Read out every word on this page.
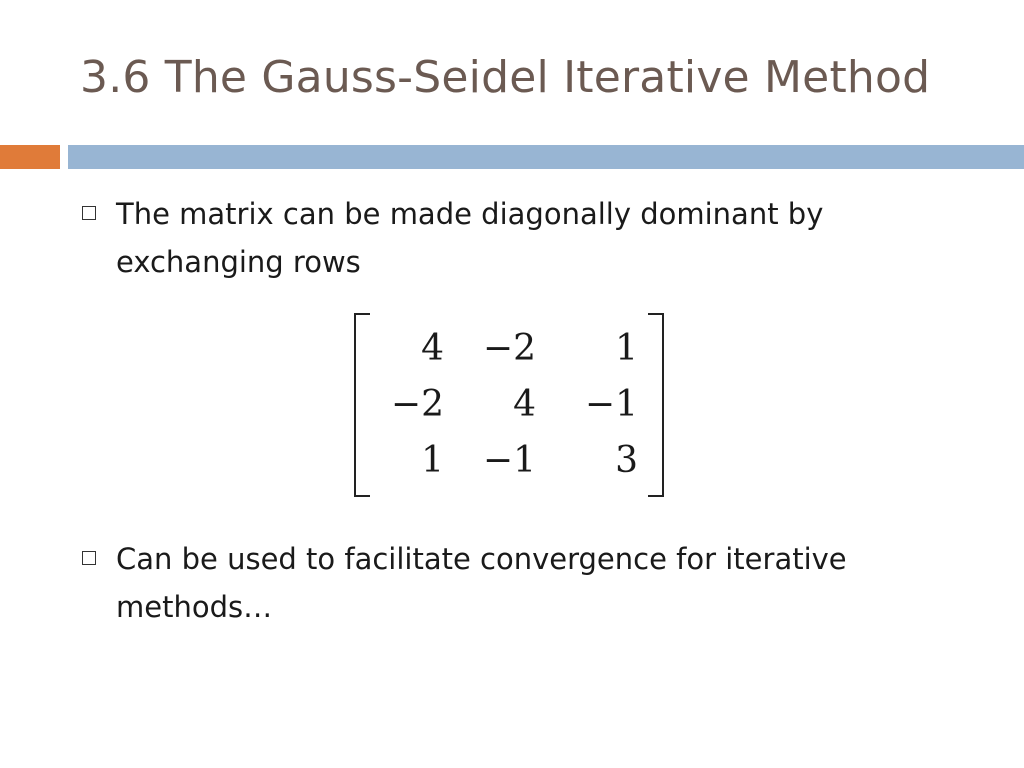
3.6 The Gauss-Seidel Iterative Method
The matrix can be made diagonally dominant by exchanging rows
4	−2	1
−2	4	−1
1	−1	3
Can be used to facilitate convergence for iterative methods…
